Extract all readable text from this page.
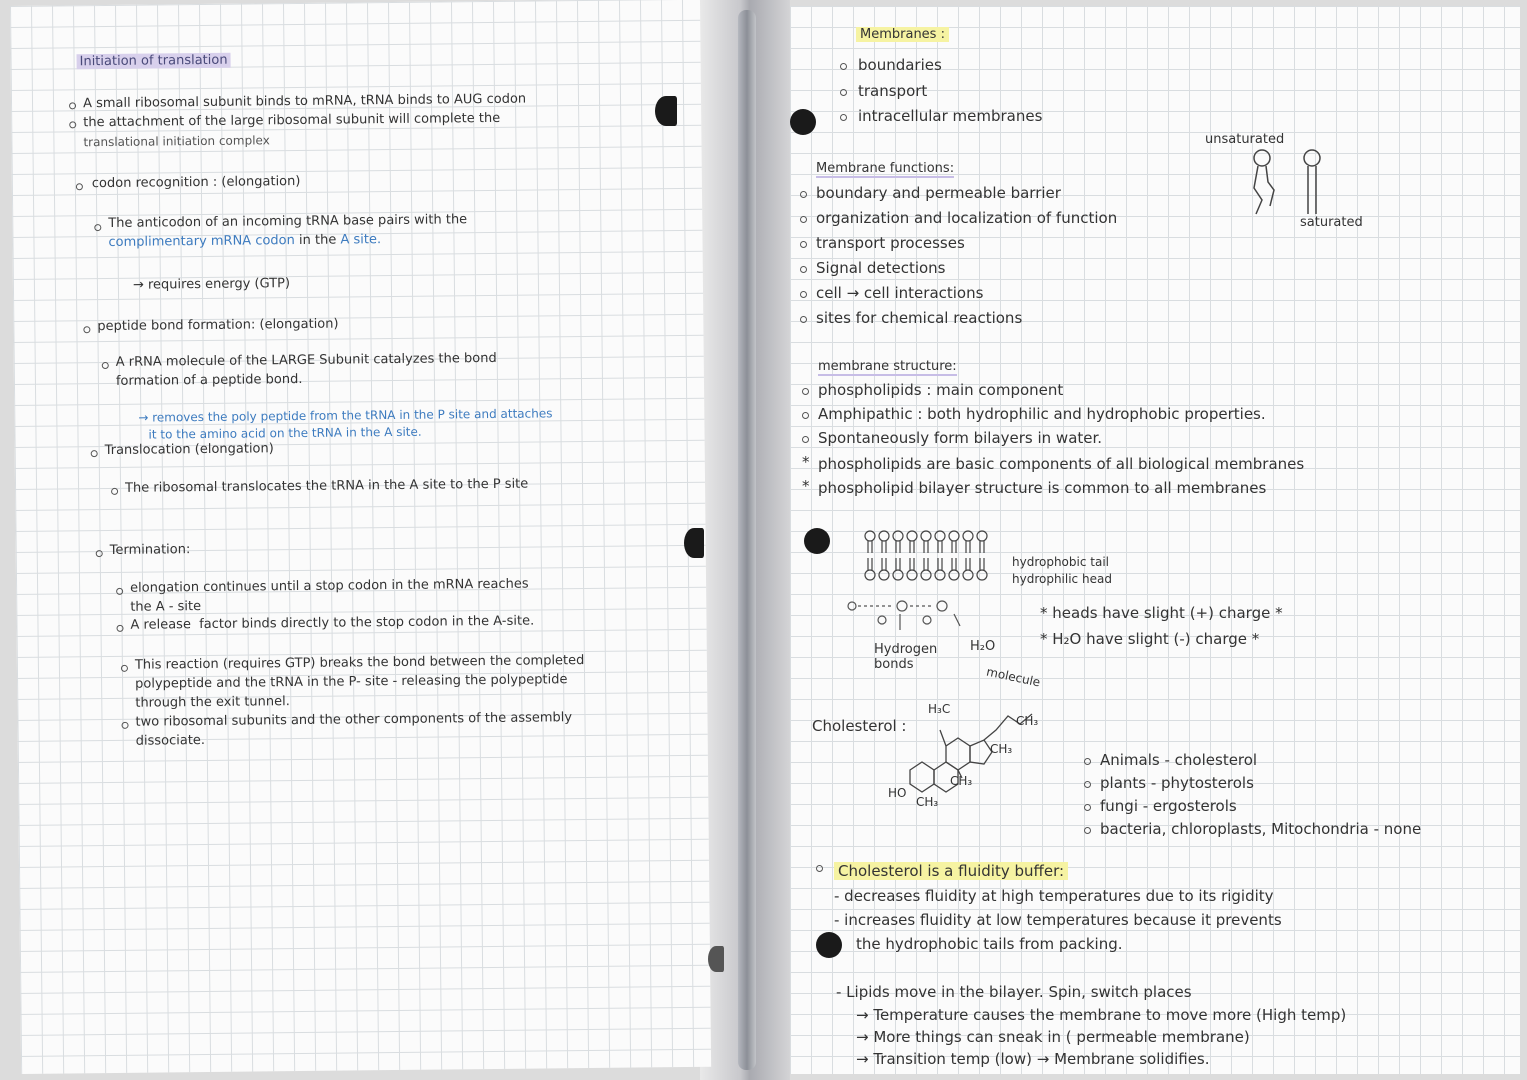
Initiation of translation
A small ribosomal subunit binds to mRNA, tRNA binds to AUG codon
the attachment of the large ribosomal subunit will complete the
translational initiation complex
codon recognition : (elongation)
The anticodon of an incoming tRNA base pairs with the
complimentary mRNA codon in the A site.
→ requires energy (GTP)
peptide bond formation: (elongation)
A rRNA molecule of the LARGE Subunit catalyzes the bond
formation of a peptide bond.
→ removes the poly peptide from the tRNA in the P site and attaches
it to the amino acid on the tRNA in the A site.
Translocation (elongation)
The ribosomal translocates the tRNA in the A site to the P site
Termination:
elongation continues until a stop codon in the mRNA reaches
the A - site
A release factor binds directly to the stop codon in the A-site.
This reaction (requires GTP) breaks the bond between the completed
polypeptide and the tRNA in the P- site - releasing the polypeptide
through the exit tunnel.
two ribosomal subunits and the other components of the assembly
dissociate.
Membranes :
boundaries
transport
intracellular membranes
unsaturated
saturated
Membrane functions:
boundary and permeable barrier
organization and localization of function
transport processes
Signal detections
cell → cell interactions
sites for chemical reactions
membrane structure:
phospholipids : main component
Amphipathic : both hydrophilic and hydrophobic properties.
Spontaneously form bilayers in water.
* phospholipids are basic components of all biological membranes
* phospholipid bilayer structure is common to all membranes
hydrophobic tail
hydrophilic head
* heads have slight (+) charge *
* H₂O have slight (-) charge *
Hydrogen bonds
H₂O
molecule
Cholesterol :
H₃C
CH₃
CH₃
CH₃
CH₃
HO
Animals - cholesterol
plants - phytosterols
fungi - ergosterols
bacteria, chloroplasts, Mitochondria - none
Cholesterol is a fluidity buffer:
- decreases fluidity at high temperatures due to its rigidity
- increases fluidity at low temperatures because it prevents
the hydrophobic tails from packing.
- Lipids move in the bilayer. Spin, switch places
→ Temperature causes the membrane to move more (High temp)
→ More things can sneak in ( permeable membrane)
→ Transition temp (low) → Membrane solidifies.
